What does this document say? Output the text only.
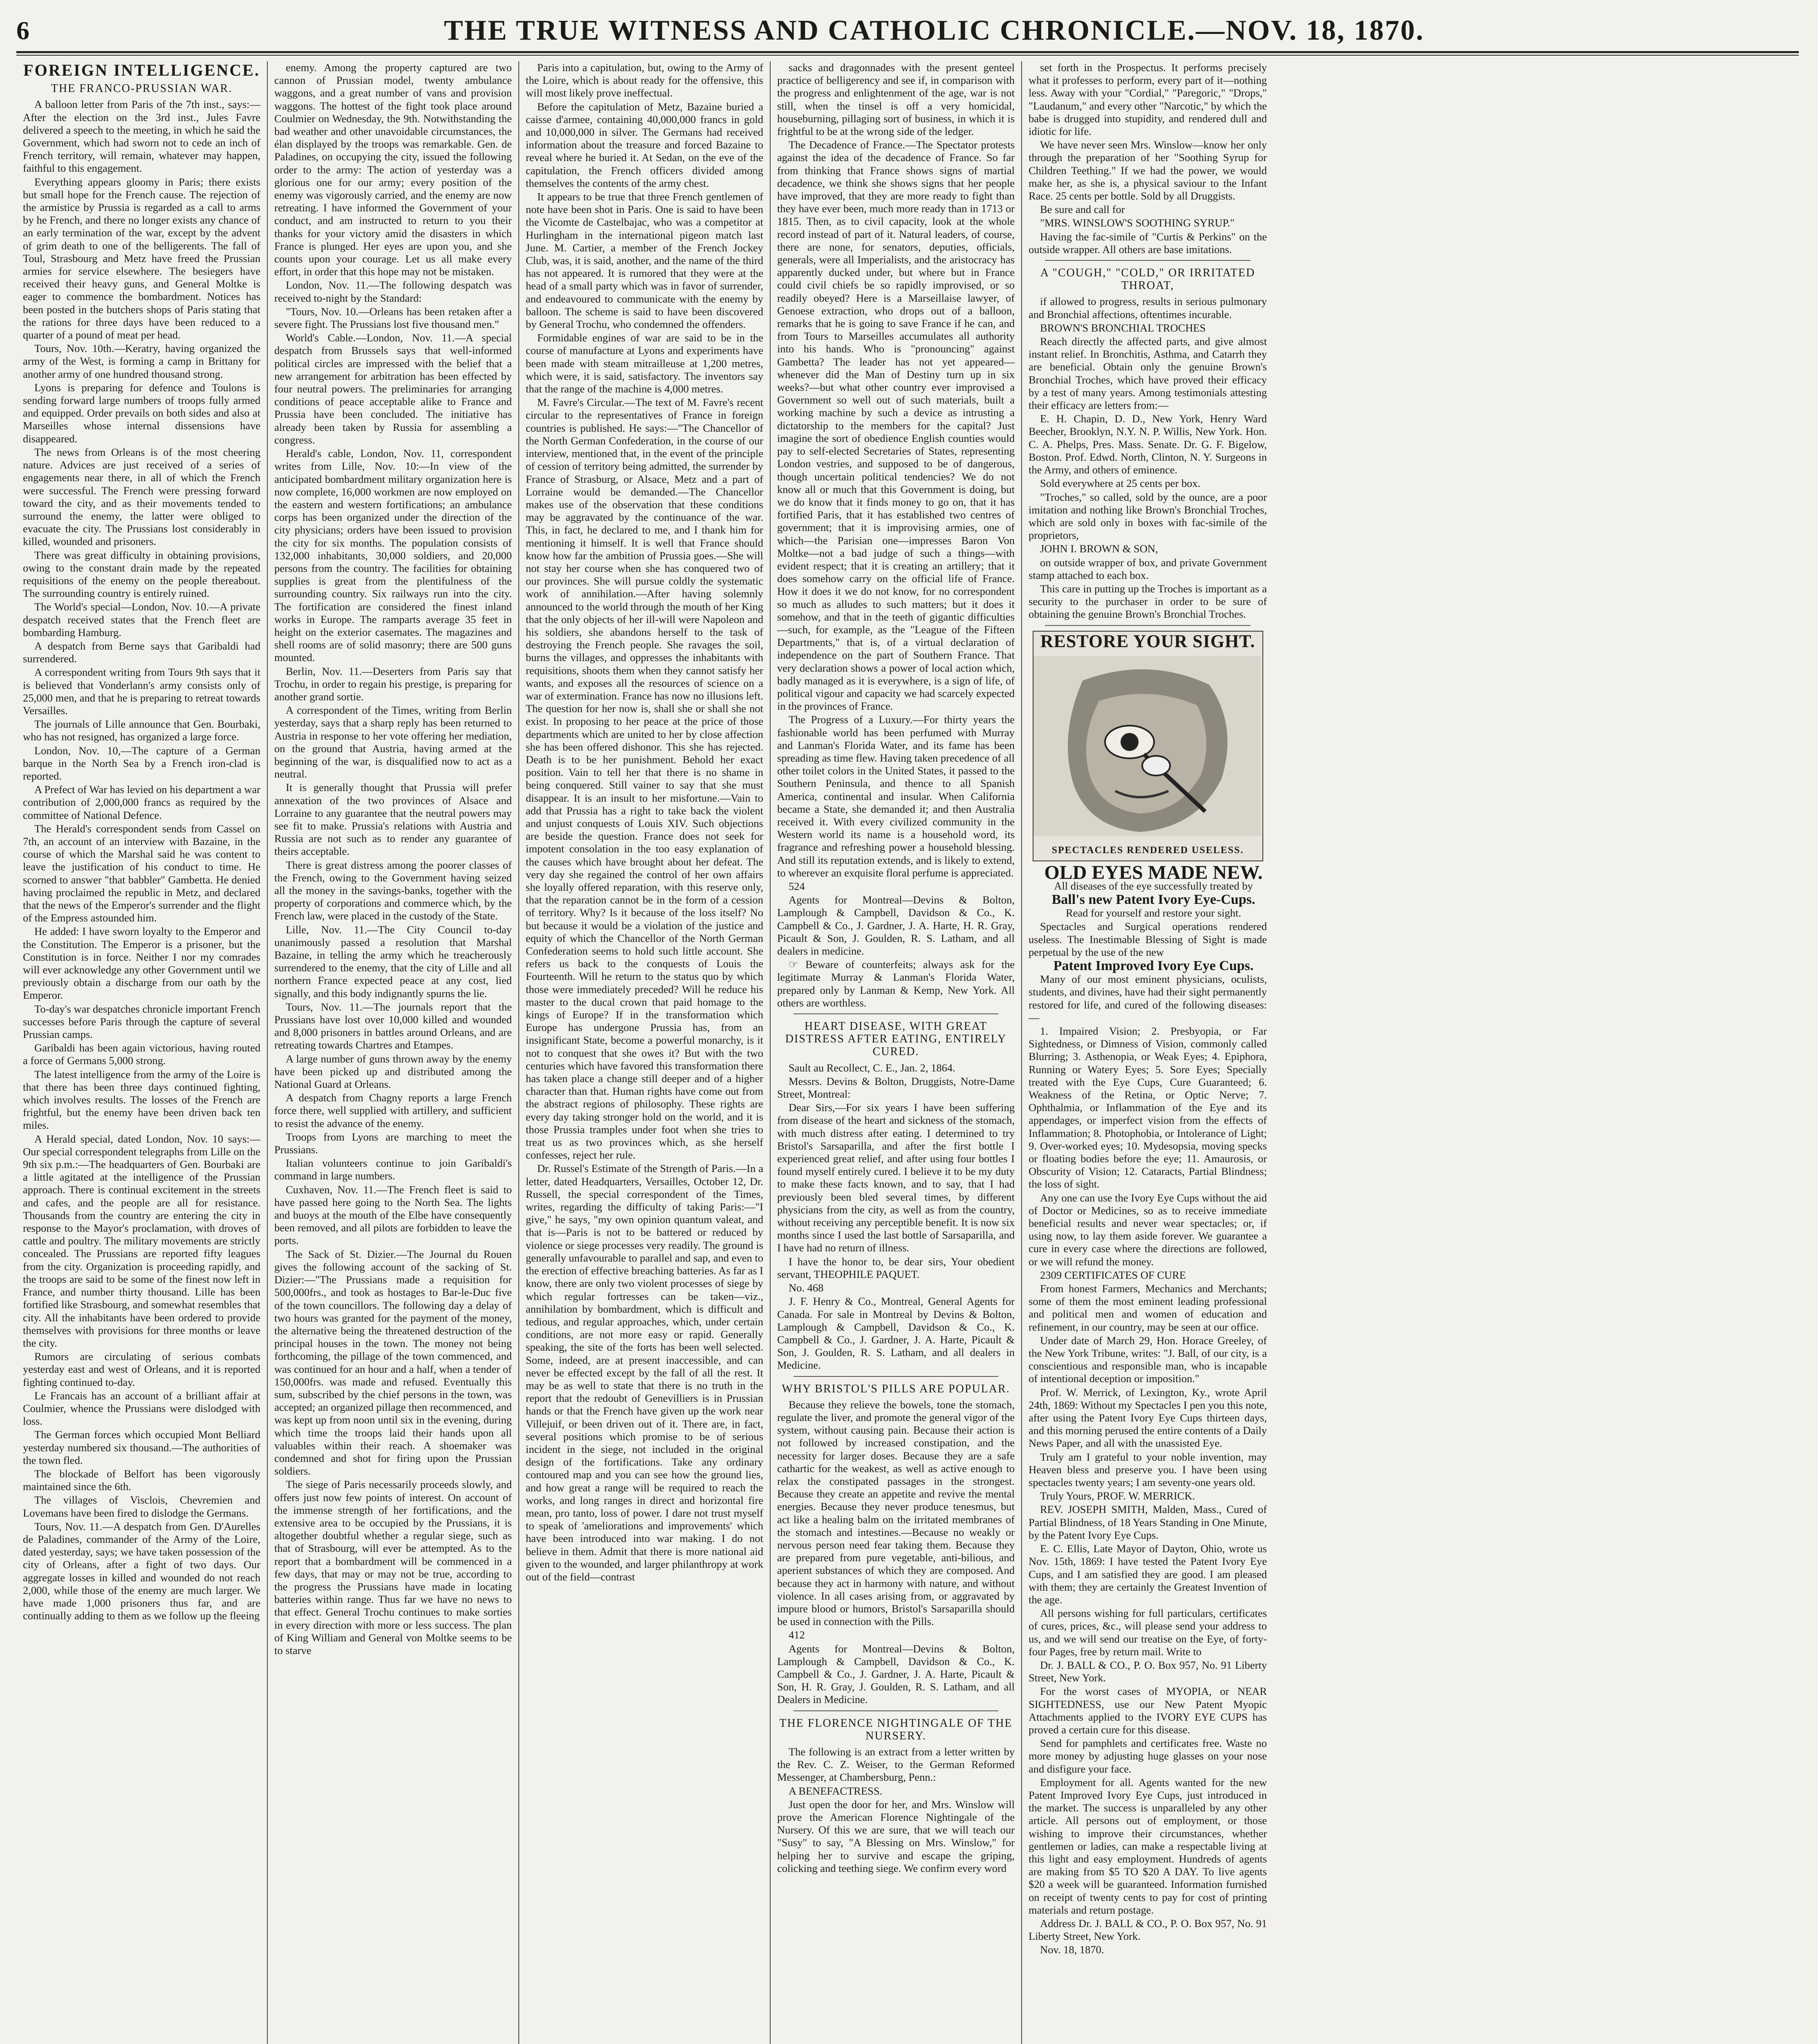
6	THE TRUE WITNESS AND CATHOLIC CHRONICLE.—NOV. 18, 1870.

FOREIGN INTELLIGENCE.

THE FRANCO-PRUSSIAN WAR.

A balloon letter from Paris of the 7th inst., says:—After the election on the 3rd inst., Jules Favre delivered a speech to the meeting, in which he said the Government, which had sworn not to cede an inch of French territory, will remain, whatever may happen, faithful to this engagement.

Everything appears gloomy in Paris; there exists but small hope for the French cause. The rejection of the armistice by Prussia is regarded as a call to arms by he French, and there no longer exists any chance of an early termination of the war, except by the advent of grim death to one of the belligerents. The fall of Toul, Strasbourg and Metz have freed the Prussian armies for service elsewhere. The besiegers have received their heavy guns, and General Moltke is eager to commence the bombardment. Notices has been posted in the butchers shops of Paris stating that the rations for three days have been reduced to a quarter of a pound of meat per head.

Tours, Nov. 10th.—Keratry, having organized the army of the West, is forming a camp in Brittany for another army of one hundred thousand strong.

Lyons is preparing for defence and Toulons is sending forward large numbers of troops fully armed and equipped. Order prevails on both sides and also at Marseilles whose internal dissensions have disappeared.

The news from Orleans is of the most cheering nature. Advices are just received of a series of engagements near there, in all of which the French were successful. The French were pressing forward toward the city, and as their movements tended to surround the enemy, the latter were obliged to evacuate the city. The Prussians lost considerably in killed, wounded and prisoners.

There was great difficulty in obtaining provisions, owing to the constant drain made by the repeated requisitions of the enemy on the people thereabout. The surrounding country is entirely ruined.

The World's special—London, Nov. 10.—A private despatch received states that the French fleet are bombarding Hamburg.

A despatch from Berne says that Garibaldi had surrendered.

A correspondent writing from Tours 9th says that it is believed that Vonderlann's army consists only of 25,000 men, and that he is preparing to retreat towards Versailles.

The journals of Lille announce that Gen. Bourbaki, who has not resigned, has organized a large force.

London, Nov. 10,—The capture of a German barque in the North Sea by a French iron-clad is reported.

A Prefect of War has levied on his department a war contribution of 2,000,000 francs as required by the committee of National Defence.

The Herald's correspondent sends from Cassel on 7th, an account of an interview with Bazaine, in the course of which the Marshal said he was content to leave the justification of his conduct to time. He scorned to answer "that babbler" Gambetta. He denied having proclaimed the republic in Metz, and declared that the news of the Emperor's surrender and the flight of the Empress astounded him.

He added: I have sworn loyalty to the Emperor and the Constitution. The Emperor is a prisoner, but the Constitution is in force. Neither I nor my comrades will ever acknowledge any other Government until we previously obtain a discharge from our oath by the Emperor.

To-day's war despatches chronicle important French successes before Paris through the capture of several Prussian camps.

Garibaldi has been again victorious, having routed a force of Germans 5,000 strong.

The latest intelligence from the army of the Loire is that there has been three days continued fighting, which involves results. The losses of the French are frightful, but the enemy have been driven back ten miles.

A Herald special, dated London, Nov. 10 says:—Our special correspondent telegraphs from Lille on the 9th six p.m.:—The headquarters of Gen. Bourbaki are a little agitated at the intelligence of the Prussian approach. There is continual excitement in the streets and cafes, and the people are all for resistance. Thousands from the country are entering the city in response to the Mayor's proclamation, with droves of cattle and poultry. The military movements are strictly concealed. The Prussians are reported fifty leagues from the city. Organization is proceeding rapidly, and the troops are said to be some of the finest now left in France, and number thirty thousand. Lille has been fortified like Strasbourg, and somewhat resembles that city. All the inhabitants have been ordered to provide themselves with provisions for three months or leave the city.

Rumors are circulating of serious combats yesterday east and west of Orleans, and it is reported fighting continued to-day.

Le Francais has an account of a brilliant affair at Coulmier, whence the Prussians were dislodged with loss.

The German forces which occupied Mont Belliard yesterday numbered six thousand.—The authorities of the town fled.

The blockade of Belfort has been vigorously maintained since the 6th.

The villages of Visclois, Chevremien and Lovemans have been fired to dislodge the Germans.

Tours, Nov. 11.—A despatch from Gen. D'Aurelles de Paladines, commander of the Army of the Loire, dated yesterday, says; we have taken possession of the city of Orleans, after a fight of two days. Our aggregate losses in killed and wounded do not reach 2,000, while those of the enemy are much larger. We have made 1,000 prisoners thus far, and are continually adding to them as we follow up the fleeing

enemy. Among the property captured are two cannon of Prussian model, twenty ambulance waggons, and a great number of vans and provision waggons. The hottest of the fight took place around Coulmier on Wednesday, the 9th. Notwithstanding the bad weather and other unavoidable circumstances, the élan displayed by the troops was remarkable. Gen. de Paladines, on occupying the city, issued the following order to the army: The action of yesterday was a glorious one for our army; every position of the enemy was vigorously carried, and the enemy are now retreating. I have informed the Government of your conduct, and am instructed to return to you their thanks for your victory amid the disasters in which France is plunged. Her eyes are upon you, and she counts upon your courage. Let us all make every effort, in order that this hope may not be mistaken.

London, Nov. 11.—The following despatch was received to-night by the Standard:

"Tours, Nov. 10.—Orleans has been retaken after a severe fight. The Prussians lost five thousand men."

World's Cable.—London, Nov. 11.—A special despatch from Brussels says that well-informed political circles are impressed with the belief that a new arrangement for arbitration has been effected by four neutral powers. The preliminaries for arranging conditions of peace acceptable alike to France and Prussia have been concluded. The initiative has already been taken by Russia for assembling a congress.

Herald's cable, London, Nov. 11, correspondent writes from Lille, Nov. 10:—In view of the anticipated bombardment military organization here is now complete, 16,000 workmen are now employed on the eastern and western fortifications; an ambulance corps has been organized under the direction of the city physicians; orders have been issued to provision the city for six months. The population consists of 132,000 inhabitants, 30,000 soldiers, and 20,000 persons from the country. The facilities for obtaining supplies is great from the plentifulness of the surrounding country. Six railways run into the city. The fortification are considered the finest inland works in Europe. The ramparts average 35 feet in height on the exterior casemates. The magazines and shell rooms are of solid masonry; there are 500 guns mounted.

Berlin, Nov. 11.—Deserters from Paris say that Trochu, in order to regain his prestige, is preparing for another grand sortie.

A correspondent of the Times, writing from Berlin yesterday, says that a sharp reply has been returned to Austria in response to her vote offering her mediation, on the ground that Austria, having armed at the beginning of the war, is disqualified now to act as a neutral.

It is generally thought that Prussia will prefer annexation of the two provinces of Alsace and Lorraine to any guarantee that the neutral powers may see fit to make. Prussia's relations with Austria and Russia are not such as to render any guarantee of theirs acceptable.

There is great distress among the poorer classes of the French, owing to the Government having seized all the money in the savings-banks, together with the property of corporations and commerce which, by the French law, were placed in the custody of the State.

Lille, Nov. 11.—The City Council to-day unanimously passed a resolution that Marshal Bazaine, in telling the army which he treacherously surrendered to the enemy, that the city of Lille and all northern France expected peace at any cost, lied signally, and this body indignantly spurns the lie.

Tours, Nov. 11.—The journals report that the Prussians have lost over 10,000 killed and wounded and 8,000 prisoners in battles around Orleans, and are retreating towards Chartres and Etampes.

A large number of guns thrown away by the enemy have been picked up and distributed among the National Guard at Orleans.

A despatch from Chagny reports a large French force there, well supplied with artillery, and sufficient to resist the advance of the enemy.

Troops from Lyons are marching to meet the Prussians.

Italian volunteers continue to join Garibaldi's command in large numbers.

Cuxhaven, Nov. 11.—The French fleet is said to have passed here going to the North Sea. The lights and buoys at the mouth of the Elbe have consequently been removed, and all pilots are forbidden to leave the ports.

The Sack of St. Dizier.—The Journal du Rouen gives the following account of the sacking of St. Dizier:—"The Prussians made a requisition for 500,000frs., and took as hostages to Bar-le-Duc five of the town councillors. The following day a delay of two hours was granted for the payment of the money, the alternative being the threatened destruction of the principal houses in the town. The money not being forthcoming, the pillage of the town commenced, and was continued for an hour and a half, when a tender of 150,000frs. was made and refused. Eventually this sum, subscribed by the chief persons in the town, was accepted; an organized pillage then recommenced, and was kept up from noon until six in the evening, during which time the troops laid their hands upon all valuables within their reach. A shoemaker was condemned and shot for firing upon the Prussian soldiers.

The siege of Paris necessarily proceeds slowly, and offers just now few points of interest. On account of the immense strength of her fortifications, and the extensive area to be occupied by the Prussians, it is altogether doubtful whether a regular siege, such as that of Strasbourg, will ever be attempted. As to the report that a bombardment will be commenced in a few days, that may or may not be true, according to the progress the Prussians have made in locating batteries within range. Thus far we have no news to that effect. General Trochu continues to make sorties in every direction with more or less success. The plan of King William and General von Moltke seems to be to starve

Paris into a capitulation, but, owing to the Army of the Loire, which is about ready for the offensive, this will most likely prove ineffectual.

Before the capitulation of Metz, Bazaine buried a caisse d'armee, containing 40,000,000 francs in gold and 10,000,000 in silver. The Germans had received information about the treasure and forced Bazaine to reveal where he buried it. At Sedan, on the eve of the capitulation, the French officers divided among themselves the contents of the army chest.

It appears to be true that three French gentlemen of note have been shot in Paris. One is said to have been the Vicomte de Castelbajac, who was a competitor at Hurlingham in the international pigeon match last June. M. Cartier, a member of the French Jockey Club, was, it is said, another, and the name of the third has not appeared. It is rumored that they were at the head of a small party which was in favor of surrender, and endeavoured to communicate with the enemy by balloon. The scheme is said to have been discovered by General Trochu, who condemned the offenders.

Formidable engines of war are said to be in the course of manufacture at Lyons and experiments have been made with steam mitrailleuse at 1,200 metres, which were, it is said, satisfactory. The inventors say that the range of the machine is 4,000 metres.

M. Favre's Circular.—The text of M. Favre's recent circular to the representatives of France in foreign countries is published. He says:—"The Chancellor of the North German Confederation, in the course of our interview, mentioned that, in the event of the principle of cession of territory being admitted, the surrender by France of Strasburg, or Alsace, Metz and a part of Lorraine would be demanded.—The Chancellor makes use of the observation that these conditions may be aggravated by the continuance of the war. This, in fact, he declared to me, and I thank him for mentioning it himself. It is well that France should know how far the ambition of Prussia goes.—She will not stay her course when she has conquered two of our provinces. She will pursue coldly the systematic work of annihilation.—After having solemnly announced to the world through the mouth of her King that the only objects of her ill-will were Napoleon and his soldiers, she abandons herself to the task of destroying the French people. She ravages the soil, burns the villages, and oppresses the inhabitants with requisitions, shoots them when they cannot satisfy her wants, and exposes all the resources of science on a war of extermination. France has now no illusions left. The question for her now is, shall she or shall she not exist. In proposing to her peace at the price of those departments which are united to her by close affection she has been offered dishonor. This she has rejected. Death is to be her punishment. Behold her exact position. Vain to tell her that there is no shame in being conquered. Still vainer to say that she must disappear. It is an insult to her misfortune.—Vain to add that Prussia has a right to take back the violent and unjust conquests of Louis XIV. Such objections are beside the question. France does not seek for impotent consolation in the too easy explanation of the causes which have brought about her defeat. The very day she regained the control of her own affairs she loyally offered reparation, with this reserve only, that the reparation cannot be in the form of a cession of territory. Why? Is it because of the loss itself? No but because it would be a violation of the justice and equity of which the Chancellor of the North German Confederation seems to hold such little account. She refers us back to the conquests of Louis the Fourteenth. Will he return to the status quo by which those were immediately preceded? Will he reduce his master to the ducal crown that paid homage to the kings of Europe? If in the transformation which Europe has undergone Prussia has, from an insignificant State, become a powerful monarchy, is it not to conquest that she owes it? But with the two centuries which have favored this transformation there has taken place a change still deeper and of a higher character than that. Human rights have come out from the abstract regions of philosophy. These rights are every day taking stronger hold on the world, and it is those Prussia tramples under foot when she tries to treat us as two provinces which, as she herself confesses, reject her rule.

Dr. Russel's Estimate of the Strength of Paris.—In a letter, dated Headquarters, Versailles, October 12, Dr. Russell, the special correspondent of the Times, writes, regarding the difficulty of taking Paris:—"I give," he says, "my own opinion quantum valeat, and that is—Paris is not to be battered or reduced by violence or siege processes very readily. The ground is generally unfavourable to parallel and sap, and even to the erection of effective breaching batteries. As far as I know, there are only two violent processes of siege by which regular fortresses can be taken—viz., annihilation by bombardment, which is difficult and tedious, and regular approaches, which, under certain conditions, are not more easy or rapid. Generally speaking, the site of the forts has been well selected. Some, indeed, are at present inaccessible, and can never be effected except by the fall of all the rest. It may be as well to state that there is no truth in the report that the redoubt of Genevilliers is in Prussian hands or that the French have given up the work near Villejuif, or been driven out of it. There are, in fact, several positions which promise to be of serious incident in the siege, not included in the original design of the fortifications. Take any ordinary contoured map and you can see how the ground lies, and how great a range will be required to reach the works, and long ranges in direct and horizontal fire mean, pro tanto, loss of power. I dare not trust myself to speak of 'ameliorations and improvements' which have been introduced into war making. I do not believe in them. Admit that there is more national aid given to the wounded, and larger philanthropy at work out of the field—contrast

sacks and dragonnades with the present genteel practice of belligerency and see if, in comparison with the progress and enlightenment of the age, war is not still, when the tinsel is off a very homicidal, houseburning, pillaging sort of business, in which it is frightful to be at the wrong side of the ledger.

The Decadence of France.—The Spectator protests against the idea of the decadence of France. So far from thinking that France shows signs of martial decadence, we think she shows signs that her people have improved, that they are more ready to fight than they have ever been, much more ready than in 1713 or 1815. Then, as to civil capacity, look at the whole record instead of part of it. Natural leaders, of course, there are none, for senators, deputies, officials, generals, were all Imperialists, and the aristocracy has apparently ducked under, but where but in France could civil chiefs be so rapidly improvised, or so readily obeyed? Here is a Marseillaise lawyer, of Genoese extraction, who drops out of a balloon, remarks that he is going to save France if he can, and from Tours to Marseilles accumulates all authority into his hands. Who is "pronouncing" against Gambetta? The leader has not yet appeared—whenever did the Man of Destiny turn up in six weeks?—but what other country ever improvised a Government so well out of such materials, built a working machine by such a device as intrusting a dictatorship to the members for the capital? Just imagine the sort of obedience English counties would pay to self-elected Secretaries of States, representing London vestries, and supposed to be of dangerous, though uncertain political tendencies? We do not know all or much that this Government is doing, but we do know that it finds money to go on, that it has fortified Paris, that it has established two centres of government; that it is improvising armies, one of which—the Parisian one—impresses Baron Von Moltke—not a bad judge of such a things—with evident respect; that it is creating an artillery; that it does somehow carry on the official life of France. How it does it we do not know, for no correspondent so much as alludes to such matters; but it does it somehow, and that in the teeth of gigantic difficulties—such, for example, as the "League of the Fifteen Departments," that is, of a virtual declaration of independence on the part of Southern France. That very declaration shows a power of local action which, badly managed as it is everywhere, is a sign of life, of political vigour and capacity we had scarcely expected in the provinces of France.

The Progress of a Luxury.—For thirty years the fashionable world has been perfumed with Murray and Lanman's Florida Water, and its fame has been spreading as time flew. Having taken precedence of all other toilet colors in the United States, it passed to the Southern Peninsula, and thence to all Spanish America, continental and insular. When California became a State, she demanded it; and then Australia received it. With every civilized community in the Western world its name is a household word, its fragrance and refreshing power a household blessing. And still its reputation extends, and is likely to extend, to wherever an exquisite floral perfume is appreciated.

524

Agents for Montreal—Devins & Bolton, Lamplough & Campbell, Davidson & Co., K. Campbell & Co., J. Gardner, J. A. Harte, H. R. Gray, Picault & Son, J. Goulden, R. S. Latham, and all dealers in medicine.

☞ Beware of counterfeits; always ask for the legitimate Murray & Lanman's Florida Water, prepared only by Lanman & Kemp, New York. All others are worthless.

HEART DISEASE, WITH GREAT DISTRESS AFTER EATING, ENTIRELY CURED.

Sault au Recollect, C. E., Jan. 2, 1864.

Messrs. Devins & Bolton, Druggists, Notre-Dame Street, Montreal:

Dear Sirs,—For six years I have been suffering from disease of the heart and sickness of the stomach, with much distress after eating. I determined to try Bristol's Sarsaparilla, and after the first bottle I experienced great relief, and after using four bottles I found myself entirely cured. I believe it to be my duty to make these facts known, and to say, that I had previously been bled several times, by different physicians from the city, as well as from the country, without receiving any perceptible benefit. It is now six months since I used the last bottle of Sarsaparilla, and I have had no return of illness.

I have the honor to, be dear sirs, Your obedient servant, THEOPHILE PAQUET.

No. 468

J. F. Henry & Co., Montreal, General Agents for Canada. For sale in Montreal by Devins & Bolton, Lamplough & Campbell, Davidson & Co., K. Campbell & Co., J. Gardner, J. A. Harte, Picault & Son, J. Goulden, R. S. Latham, and all dealers in Medicine.

WHY BRISTOL'S PILLS ARE POPULAR.

Because they relieve the bowels, tone the stomach, regulate the liver, and promote the general vigor of the system, without causing pain. Because their action is not followed by increased constipation, and the necessity for larger doses. Because they are a safe cathartic for the weakest, as well as active enough to relax the constipated passages in the strongest. Because they create an appetite and revive the mental energies. Because they never produce tenesmus, but act like a healing balm on the irritated membranes of the stomach and intestines.—Because no weakly or nervous person need fear taking them. Because they are prepared from pure vegetable, anti-bilious, and aperient substances of which they are composed. And because they act in harmony with nature, and without violence. In all cases arising from, or aggravated by impure blood or humors, Bristol's Sarsaparilla should be used in connection with the Pills.

412

Agents for Montreal—Devins & Bolton, Lamplough & Campbell, Davidson & Co., K. Campbell & Co., J. Gardner, J. A. Harte, Picault & Son, H. R. Gray, J. Goulden, R. S. Latham, and all Dealers in Medicine.

THE FLORENCE NIGHTINGALE OF THE NURSERY.

The following is an extract from a letter written by the Rev. C. Z. Weiser, to the German Reformed Messenger, at Chambersburg, Penn.:

A BENEFACTRESS.

Just open the door for her, and Mrs. Winslow will prove the American Florence Nightingale of the Nursery. Of this we are sure, that we will teach our "Susy" to say, "A Blessing on Mrs. Winslow," for helping her to survive and escape the griping, colicking and teething siege. We confirm every word

set forth in the Prospectus. It performs precisely what it professes to perform, every part of it—nothing less. Away with your "Cordial," "Paregoric," "Drops," "Laudanum," and every other "Narcotic," by which the babe is drugged into stupidity, and rendered dull and idiotic for life.

We have never seen Mrs. Winslow—know her only through the preparation of her "Soothing Syrup for Children Teething." If we had the power, we would make her, as she is, a physical saviour to the Infant Race. 25 cents per bottle. Sold by all Druggists.

Be sure and call for

"MRS. WINSLOW'S SOOTHING SYRUP."

Having the fac-simile of "Curtis & Perkins" on the outside wrapper. All others are base imitations.

A "COUGH," "COLD," OR IRRITATED THROAT,

if allowed to progress, results in serious pulmonary and Bronchial affections, oftentimes incurable.

BROWN'S BRONCHIAL TROCHES

Reach directly the affected parts, and give almost instant relief. In Bronchitis, Asthma, and Catarrh they are beneficial. Obtain only the genuine Brown's Bronchial Troches, which have proved their efficacy by a test of many years. Among testimonials attesting their efficacy are letters from:—

E. H. Chapin, D. D., New York, Henry Ward Beecher, Brooklyn, N.Y. N. P. Willis, New York. Hon. C. A. Phelps, Pres. Mass. Senate. Dr. G. F. Bigelow, Boston. Prof. Edwd. North, Clinton, N. Y. Surgeons in the Army, and others of eminence.

Sold everywhere at 25 cents per box.

"Troches," so called, sold by the ounce, are a poor imitation and nothing like Brown's Bronchial Troches, which are sold only in boxes with fac-simile of the proprietors,

JOHN I. BROWN & SON,

on outside wrapper of box, and private Government stamp attached to each box.

This care in putting up the Troches is important as a security to the purchaser in order to be sure of obtaining the genuine Brown's Bronchial Troches.

RESTORE YOUR SIGHT.
SPECTACLES RENDERED USELESS.

OLD EYES MADE NEW.

All diseases of the eye successfully treated by

Ball's new Patent Ivory Eye-Cups.

Read for yourself and restore your sight.

Spectacles and Surgical operations rendered useless. The Inestimable Blessing of Sight is made perpetual by the use of the new

Patent Improved Ivory Eye Cups.

Many of our most eminent physicians, oculists, students, and divines, have had their sight permanently restored for life, and cured of the following diseases:—

1. Impaired Vision; 2. Presbyopia, or Far Sightedness, or Dimness of Vision, commonly called Blurring; 3. Asthenopia, or Weak Eyes; 4. Epiphora, Running or Watery Eyes; 5. Sore Eyes; Specially treated with the Eye Cups, Cure Guaranteed; 6. Weakness of the Retina, or Optic Nerve; 7. Ophthalmia, or Inflammation of the Eye and its appendages, or imperfect vision from the effects of Inflammation; 8. Photophobia, or Intolerance of Light; 9. Over-worked eyes; 10. Mydesopsia, moving specks or floating bodies before the eye; 11. Amaurosis, or Obscurity of Vision; 12. Cataracts, Partial Blindness; the loss of sight.

Any one can use the Ivory Eye Cups without the aid of Doctor or Medicines, so as to receive immediate beneficial results and never wear spectacles; or, if using now, to lay them aside forever. We guarantee a cure in every case where the directions are followed, or we will refund the money.

2309 CERTIFICATES OF CURE

From honest Farmers, Mechanics and Merchants; some of them the most eminent leading professional and political men and women of education and refinement, in our country, may be seen at our office.

Under date of March 29, Hon. Horace Greeley, of the New York Tribune, writes: "J. Ball, of our city, is a conscientious and responsible man, who is incapable of intentional deception or imposition."

Prof. W. Merrick, of Lexington, Ky., wrote April 24th, 1869: Without my Spectacles I pen you this note, after using the Patent Ivory Eye Cups thirteen days, and this morning perused the entire contents of a Daily News Paper, and all with the unassisted Eye.

Truly am I grateful to your noble invention, may Heaven bless and preserve you. I have been using spectacles twenty years; I am seventy-one years old.

Truly Yours, PROF. W. MERRICK.

REV. JOSEPH SMITH, Malden, Mass., Cured of Partial Blindness, of 18 Years Standing in One Minute, by the Patent Ivory Eye Cups.

E. C. Ellis, Late Mayor of Dayton, Ohio, wrote us Nov. 15th, 1869: I have tested the Patent Ivory Eye Cups, and I am satisfied they are good. I am pleased with them; they are certainly the Greatest Invention of the age.

All persons wishing for full particulars, certificates of cures, prices, &c., will please send your address to us, and we will send our treatise on the Eye, of forty-four Pages, free by return mail. Write to

Dr. J. BALL & CO., P. O. Box 957, No. 91 Liberty Street, New York.

For the worst cases of MYOPIA, or NEAR SIGHTEDNESS, use our New Patent Myopic Attachments applied to the IVORY EYE CUPS has proved a certain cure for this disease.

Send for pamphlets and certificates free. Waste no more money by adjusting huge glasses on your nose and disfigure your face.

Employment for all. Agents wanted for the new Patent Improved Ivory Eye Cups, just introduced in the market. The success is unparalleled by any other article. All persons out of employment, or those wishing to improve their circumstances, whether gentlemen or ladies, can make a respectable living at this light and easy employment. Hundreds of agents are making from $5 TO $20 A DAY. To live agents $20 a week will be guaranteed. Information furnished on receipt of twenty cents to pay for cost of printing materials and return postage.

Address Dr. J. BALL & CO., P. O. Box 957, No. 91 Liberty Street, New York.

Nov. 18, 1870.
